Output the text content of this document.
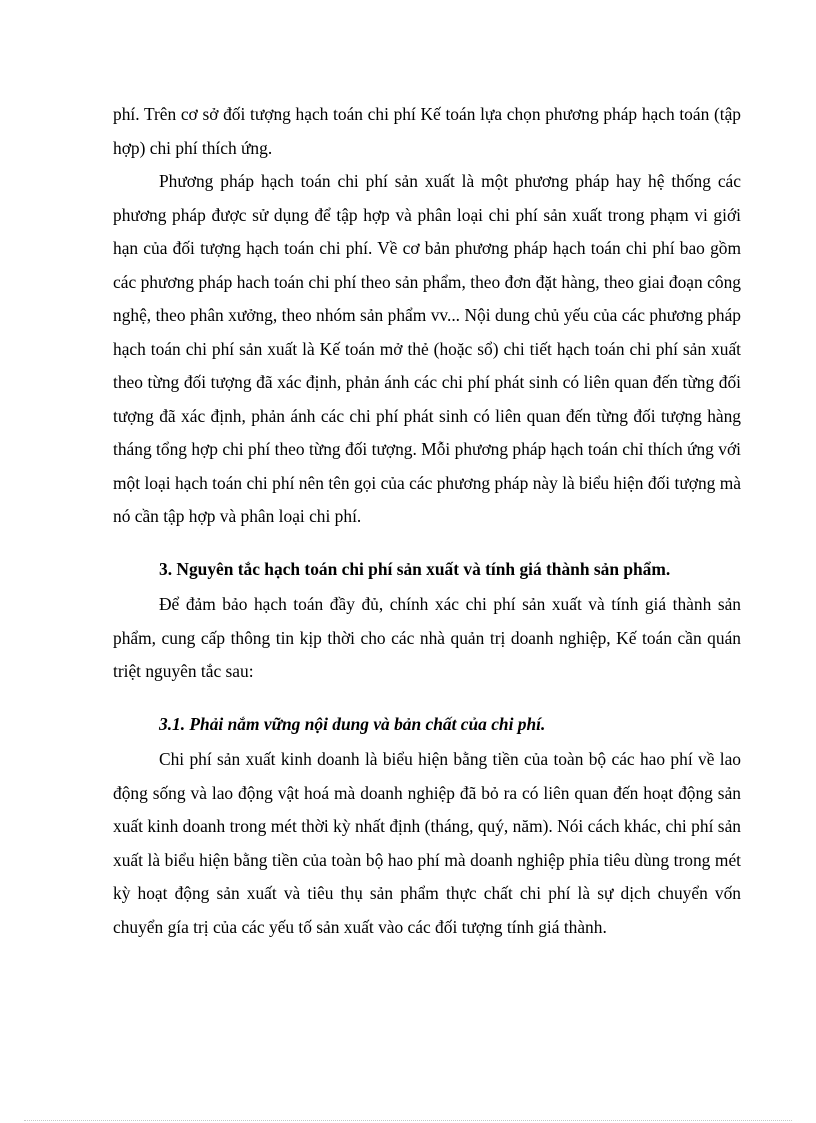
phí. Trên cơ sở đối tượng hạch toán chi phí Kế toán lựa chọn phương pháp hạch toán (tập hợp) chi phí thích ứng.

Phương pháp hạch toán chi phí sản xuất là một phương pháp hay hệ thống các phương pháp được sử dụng để tập hợp và phân loại chi phí sản xuất trong phạm vi giới hạn của đối tượng hạch toán chi phí. Về cơ bản phương pháp hạch toán chi phí bao gồm các phương pháp hach toán chi phí theo sản phẩm, theo đơn đặt hàng, theo giai đoạn công nghệ, theo phân xưởng, theo nhóm sản phẩm vv... Nội dung chủ yếu của các phương pháp hạch toán chi phí sản xuất là Kế toán mở thẻ (hoặc sổ) chi tiết hạch toán chi phí sản xuất theo từng đối tượng đã xác định, phản ánh các chi phí phát sinh có liên quan đến từng đối tượng đã xác định, phản ánh các chi phí phát sinh có liên quan đến từng đối tượng hàng tháng tổng hợp chi phí theo từng đối tượng. Mỗi phương pháp hạch toán chỉ thích ứng với một loại hạch toán chi phí nên tên gọi của các phương pháp này là biểu hiện đối tượng mà nó cần tập hợp và phân loại chi phí.

3. Nguyên tắc hạch toán chi phí sản xuất và tính giá thành sản phẩm.

Để đảm bảo hạch toán đầy đủ, chính xác chi phí sản xuất và tính giá thành sản phẩm, cung cấp thông tin kịp thời cho các nhà quản trị doanh nghiệp, Kế toán cần quán triệt nguyên tắc sau:

3.1. Phải nắm vững nội dung và bản chất của chi phí.

Chi phí sản xuất kinh doanh là biểu hiện bằng tiền của toàn bộ các hao phí về lao động sống và lao động vật hoá mà doanh nghiệp đã bỏ ra có liên quan đến hoạt động sản xuất kinh doanh trong mét thời kỳ nhất định (tháng, quý, năm). Nói cách khác, chi phí sản xuất là biểu hiện bằng tiền của toàn bộ hao phí mà doanh nghiệp phỉa tiêu dùng trong mét kỳ hoạt động sản xuất và tiêu thụ sản phẩm thực chất chi phí là sự dịch chuyển vốn chuyển gía trị của các yếu tố sản xuất vào các đối tượng tính giá thành.
